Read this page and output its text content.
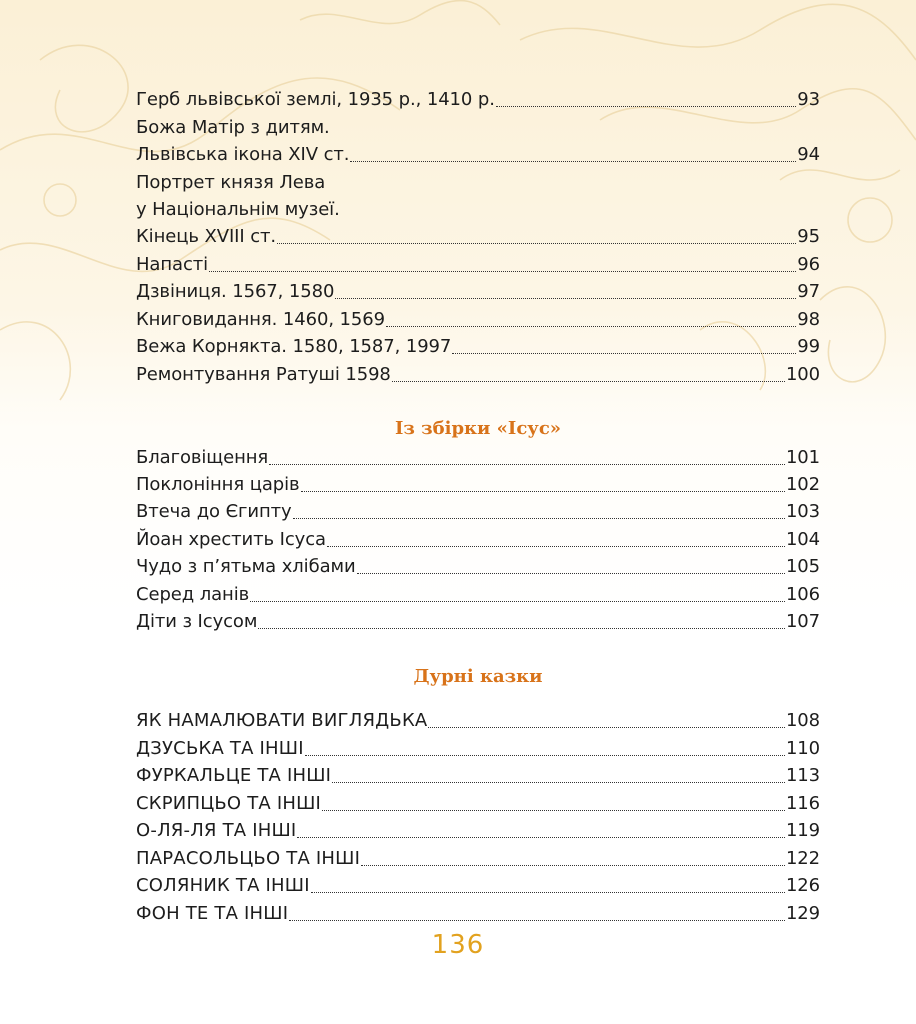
Герб львівської землі, 1935 р., 1410 р.	93
Божа Матір з дитям.
Львівська ікона XIV ст.	94
Портрет князя Лева
у Національнім музеї.
Кінець XVIII ст.	95
Напасті	96
Дзвіниця. 1567, 1580	97
Книговидання. 1460, 1569	98
Вежа Корнякта. 1580, 1587, 1997	99
Ремонтування Ратуші 1598	100
Із збірки «Ісус»
Благовіщення	101
Поклоніння царів	102
Втеча до Єгипту	103
Йоан хрестить Ісуса	104
Чудо з п’ятьма хлібами	105
Серед ланів	106
Діти з Ісусом	107
Дурні казки
ЯК НАМАЛЮВАТИ ВИГЛЯДЬКА	108
ДЗУСЬКА ТА ІНШІ	110
ФУРКАЛЬЦЕ ТА ІНШІ	113
СКРИПЦЬО ТА ІНШІ	116
О-ЛЯ-ЛЯ ТА ІНШІ	119
ПАРАСОЛЬЦЬО ТА ІНШІ	122
СОЛЯНИК ТА ІНШІ	126
ФОН ТЕ ТА ІНШІ	129
136
